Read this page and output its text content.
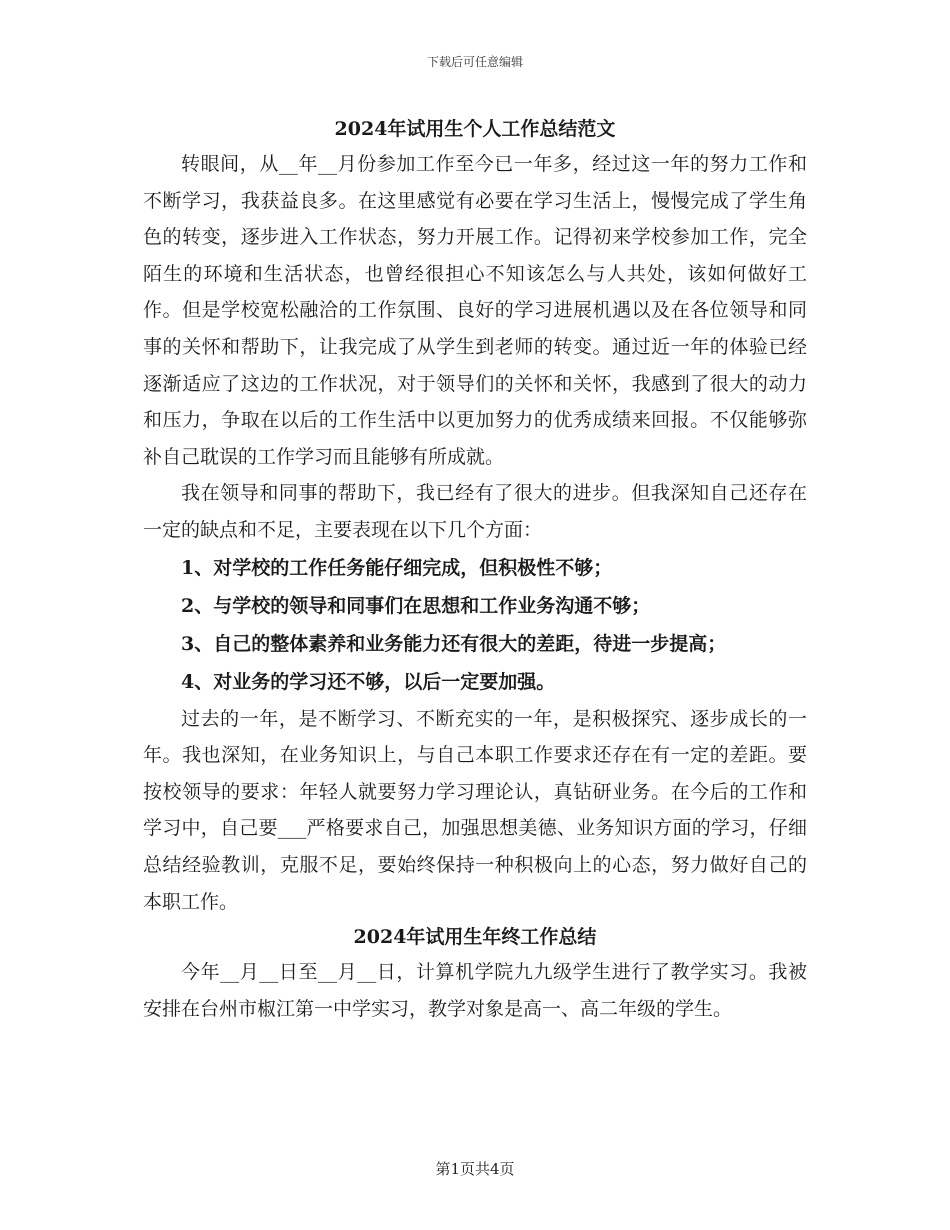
下载后可任意编辑
2024年试用生个人工作总结范文

转眼间，从__年__月份参加工作至今已一年多，经过这一年的努力工作和不断学习，我获益良多。在这里感觉有必要在学习生活上，慢慢完成了学生角色的转变，逐步进入工作状态，努力开展工作。记得初来学校参加工作，完全陌生的环境和生活状态，也曾经很担心不知该怎么与人共处，该如何做好工作。但是学校宽松融洽的工作氛围、良好的学习进展机遇以及在各位领导和同事的关怀和帮助下，让我完成了从学生到老师的转变。通过近一年的体验已经逐渐适应了这边的工作状况，对于领导们的关怀和关怀，我感到了很大的动力和压力，争取在以后的工作生活中以更加努力的优秀成绩来回报。不仅能够弥补自己耽误的工作学习而且能够有所成就。

我在领导和同事的帮助下，我已经有了很大的进步。但我深知自己还存在一定的缺点和不足，主要表现在以下几个方面：

1、对学校的工作任务能仔细完成，但积极性不够；

2、与学校的领导和同事们在思想和工作业务沟通不够；

3、自己的整体素养和业务能力还有很大的差距，待进一步提高；

4、对业务的学习还不够，以后一定要加强。

过去的一年，是不断学习、不断充实的一年，是积极探究、逐步成长的一年。我也深知，在业务知识上，与自己本职工作要求还存在有一定的差距。要按校领导的要求：年轻人就要努力学习理论认，真钻研业务。在今后的工作和学习中，自己要___严格要求自己，加强思想美德、业务知识方面的学习，仔细总结经验教训，克服不足，要始终保持一种积极向上的心态，努力做好自己的本职工作。

2024年试用生年终工作总结

今年__月__日至__月__日，计算机学院九九级学生进行了教学实习。我被安排在台州市椒江第一中学实习，教学对象是高一、高二年级的学生。

第1页共4页
